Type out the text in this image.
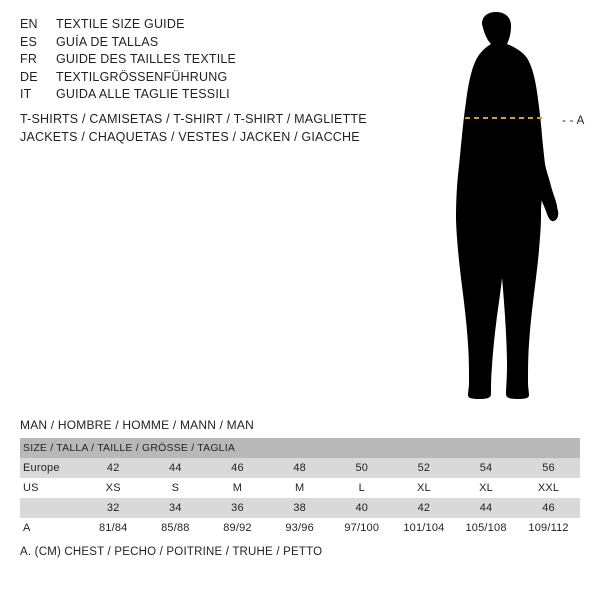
EN	TEXTILE SIZE GUIDE
ES	GUÍA DE TALLAS
FR	GUIDE DES TAILLES TEXTILE
DE	TEXTILGRÖSSENFÜHRUNG
IT	GUIDA ALLE TAGLIE TESSILI
T-SHIRTS / CAMISETAS / T-SHIRT / T-SHIRT / MAGLIETTE
JACKETS / CHAQUETAS / VESTES / JACKEN / GIACCHE
- - A
MAN / HOMBRE / HOMME / MANN / MAN
SIZE / TALLA / TAILLE / GRÖSSE / TAGLIA								
Europe	42	44	46	48	50	52	54	56
US	XS	S	M	M	L	XL	XL	XXL
	32	34	36	38	40	42	44	46
A	81/84	85/88	89/92	93/96	97/100	101/104	105/108	109/112
A. (CM) CHEST / PECHO / POITRINE / TRUHE / PETTO
